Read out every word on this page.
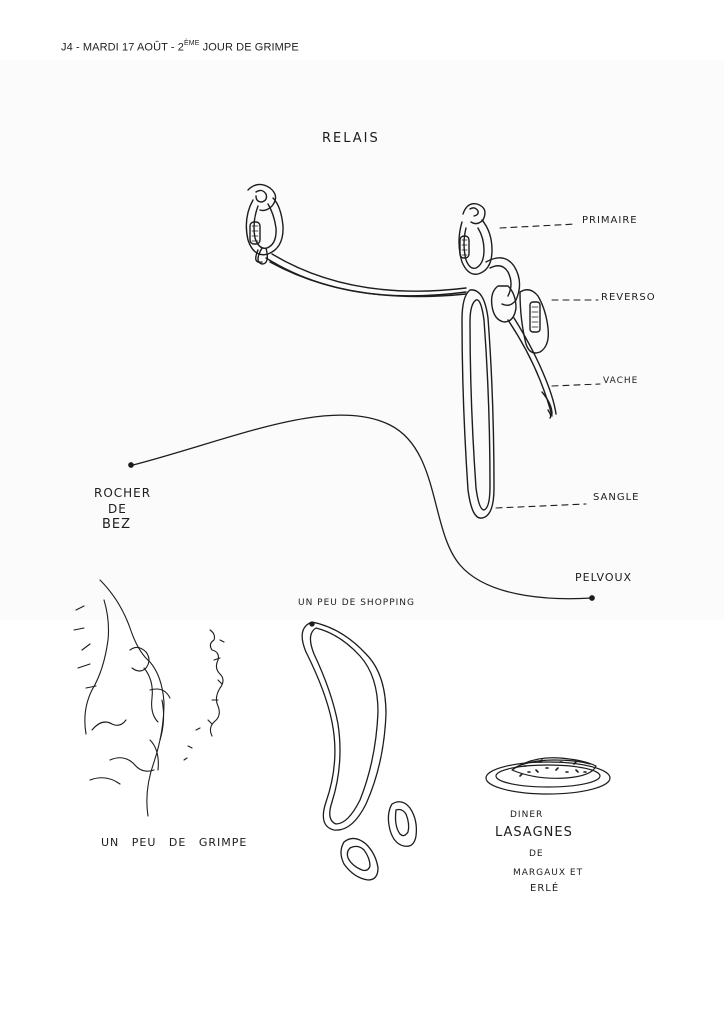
J4 - MARDI 17 AOÛT - 2ÈME JOUR DE GRIMPE
RELAIS
PRIMAIRE
REVERSO
VACHE
SANGLE
ROCHER
DE
BEZ
PELVOUX
UN PEU DE SHOPPING
UN PEU DE GRIMPE
DINER
LASAGNES
DE
MARGAUX ET
ERLÉ
